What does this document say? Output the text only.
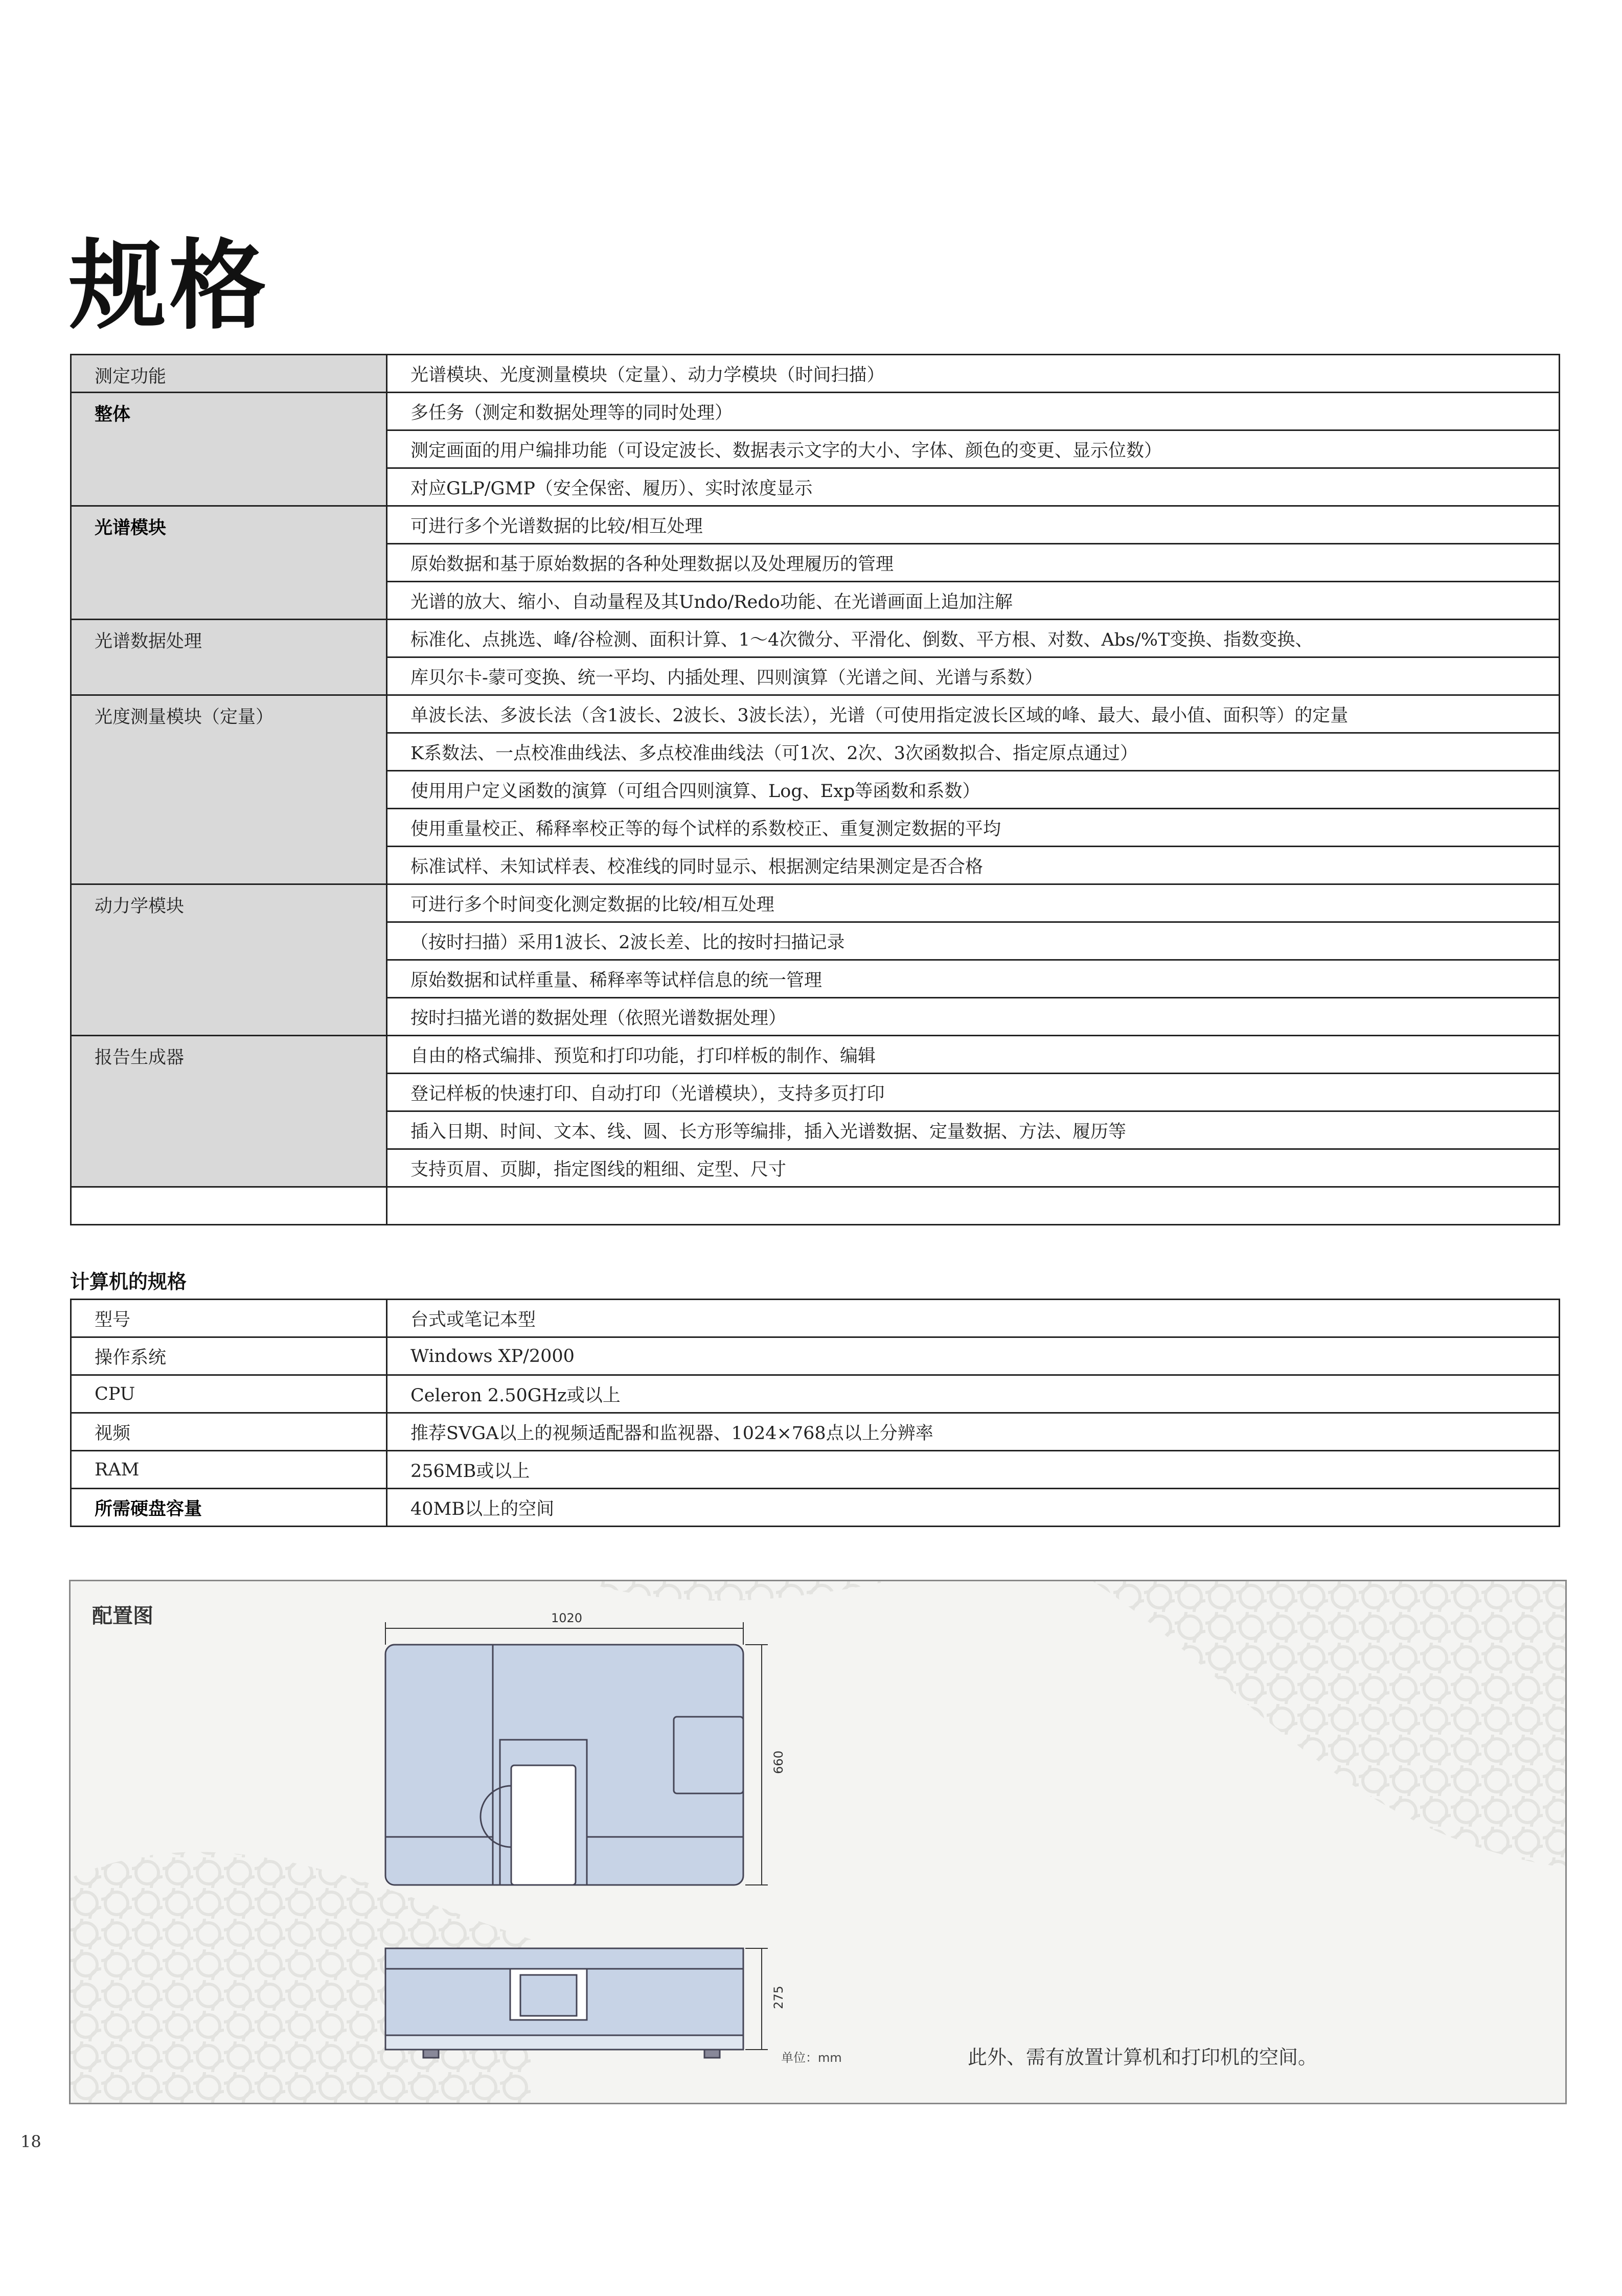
规格
测定功能	光谱模块、光度测量模块（定量）、动力学模块（时间扫描）
整体	多任务（测定和数据处理等的同时处理）
	测定画面的用户编排功能（可设定波长、数据表示文字的大小、字体、颜色的变更、显示位数）
	对应GLP/GMP（安全保密、履历）、实时浓度显示
光谱模块	可进行多个光谱数据的比较/相互处理
	原始数据和基于原始数据的各种处理数据以及处理履历的管理
	光谱的放大、缩小、自动量程及其Undo/Redo功能、在光谱画面上追加注解
光谱数据处理	标准化、点挑选、峰/谷检测、面积计算、1～4次微分、平滑化、倒数、平方根、对数、Abs/%T变换、指数变换、
	库贝尔卡-蒙可变换、统一平均、内插处理、四则演算（光谱之间、光谱与系数）
光度测量模块（定量）	单波长法、多波长法（含1波长、2波长、3波长法），光谱（可使用指定波长区域的峰、最大、最小值、面积等）的定量
	K系数法、一点校准曲线法、多点校准曲线法（可1次、2次、3次函数拟合、指定原点通过）
	使用用户定义函数的演算（可组合四则演算、Log、Exp等函数和系数）
	使用重量校正、稀释率校正等的每个试样的系数校正、重复测定数据的平均
	标准试样、未知试样表、校准线的同时显示、根据测定结果测定是否合格
动力学模块	可进行多个时间变化测定数据的比较/相互处理
	（按时扫描）采用1波长、2波长差、比的按时扫描记录
	原始数据和试样重量、稀释率等试样信息的统一管理
	按时扫描光谱的数据处理（依照光谱数据处理）
报告生成器	自由的格式编排、预览和打印功能，打印样板的制作、编辑
	登记样板的快速打印、自动打印（光谱模块），支持多页打印
	插入日期、时间、文本、线、圆、长方形等编排，插入光谱数据、定量数据、方法、履历等
	支持页眉、页脚，指定图线的粗细、定型、尺寸

计算机的规格
型号	台式或笔记本型
操作系统	Windows XP/2000
CPU	Celeron 2.50GHz或以上
视频	推荐SVGA以上的视频适配器和监视器、1024×768点以上分辨率
RAM	256MB或以上
所需硬盘容量	40MB以上的空间
配置图	1020
660
275
单位：mm	此外、需有放置计算机和打印机的空间。
18
